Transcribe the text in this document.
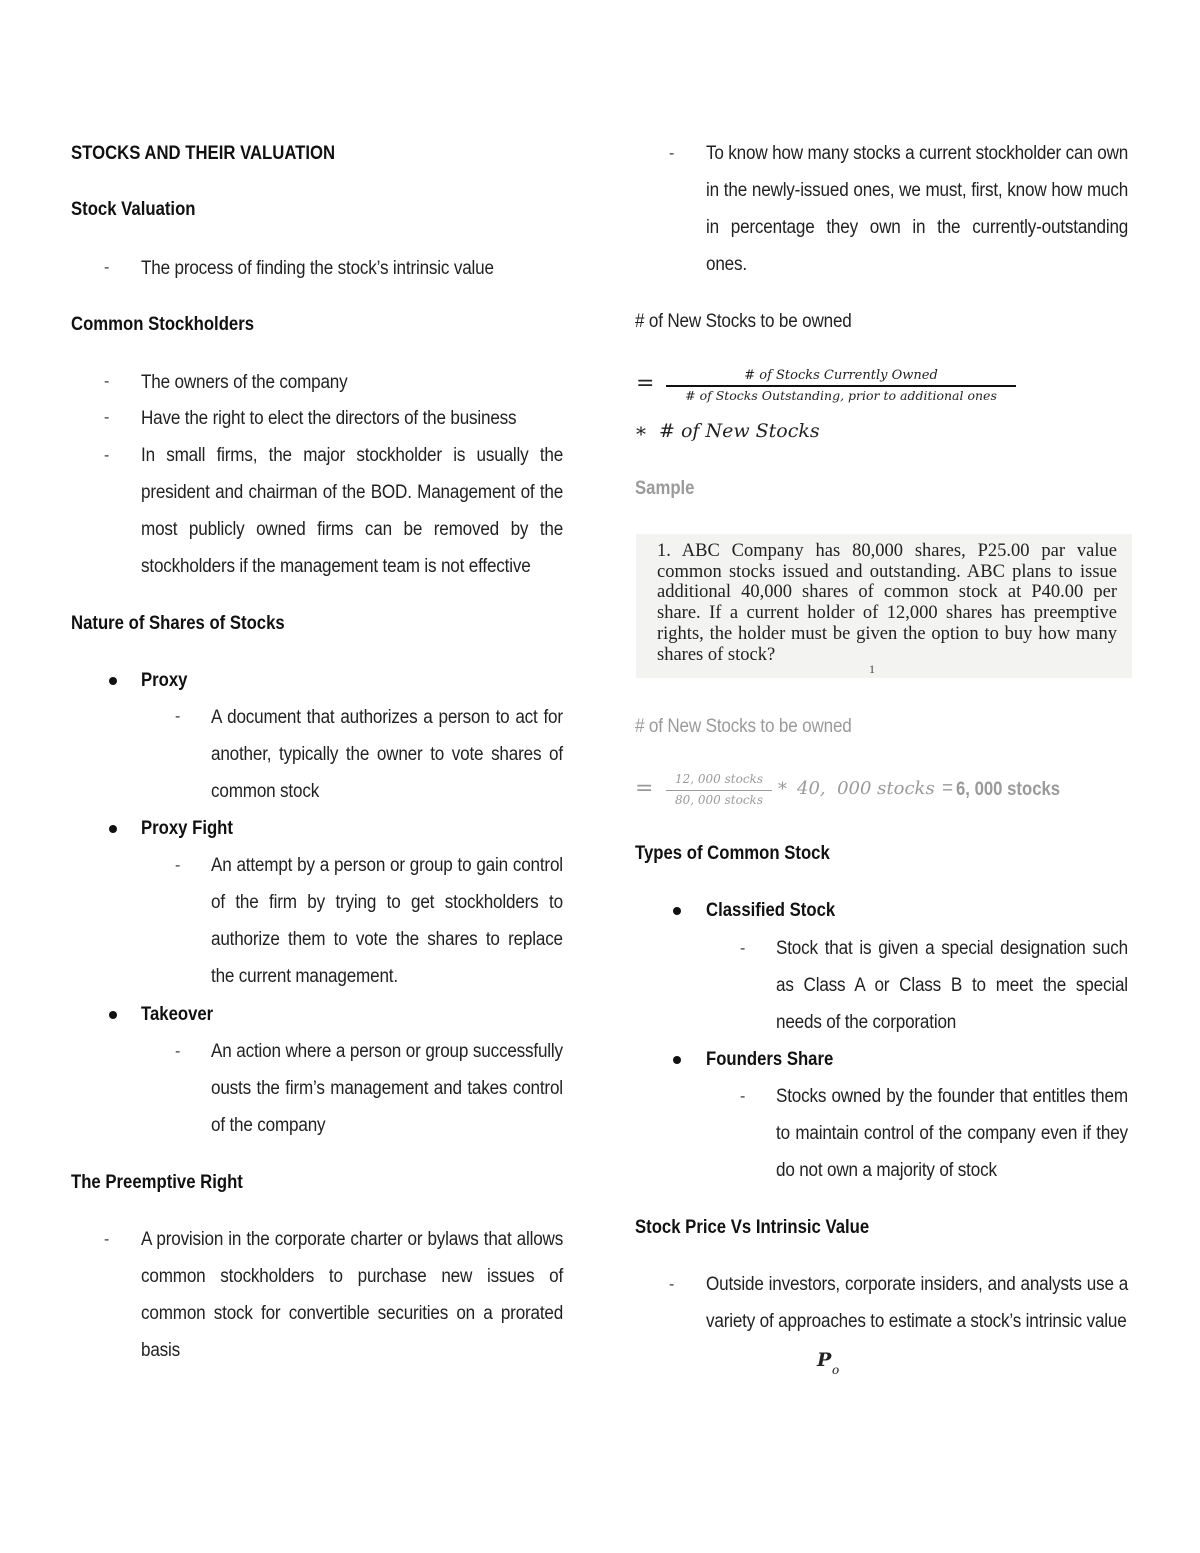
STOCKS AND THEIR VALUATION
Stock Valuation
- The process of finding the stock’s intrinsic value
Common Stockholders
- The owners of the company
- Have the right to elect the directors of the business
- In small firms, the major stockholder is usually the president and chairman of the BOD. Management of the most publicly owned firms can be removed by the stockholders if the management team is not effective
Nature of Shares of Stocks
Proxy
- A document that authorizes a person to act for another, typically the owner to vote shares of common stock
Proxy Fight
- An attempt by a person or group to gain control of the firm by trying to get stockholders to authorize them to vote the shares to replace the current management.
Takeover
- An action where a person or group successfully ousts the firm’s management and takes control of the company
The Preemptive Right
- A provision in the corporate charter or bylaws that allows common stockholders to purchase new issues of common stock for convertible securities on a prorated basis
- To know how many stocks a current stockholder can own in the newly-issued ones, we must, first, know how much in percentage they own in the currently-outstanding ones.
# of New Stocks to be owned
=	# of Stocks Currently Owned
# of Stocks Outstanding, prior to additional ones
* # of New Stocks
Sample
1. ABC Company has 80,000 shares, P25.00 par value common stocks issued and outstanding. ABC plans to issue additional 40,000 shares of common stock at P40.00 per share. If a current holder of 12,000 shares has preemptive rights, the holder must be given the option to buy how many shares of stock?
1
# of New Stocks to be owned
=	12, 000 stocks
80, 000 stocks * 40,  000 stocks = 6, 000 stocks
Types of Common Stock
Classified Stock
- Stock that is given a special designation such as Class A or Class B to meet the special needs of the corporation
Founders Share
- Stocks owned by the founder that entitles them to maintain control of the company even if they do not own a majority of stock
Stock Price Vs Intrinsic Value
- Outside investors, corporate insiders, and analysts use a variety of approaches to estimate a stock’s intrinsic value
P o
